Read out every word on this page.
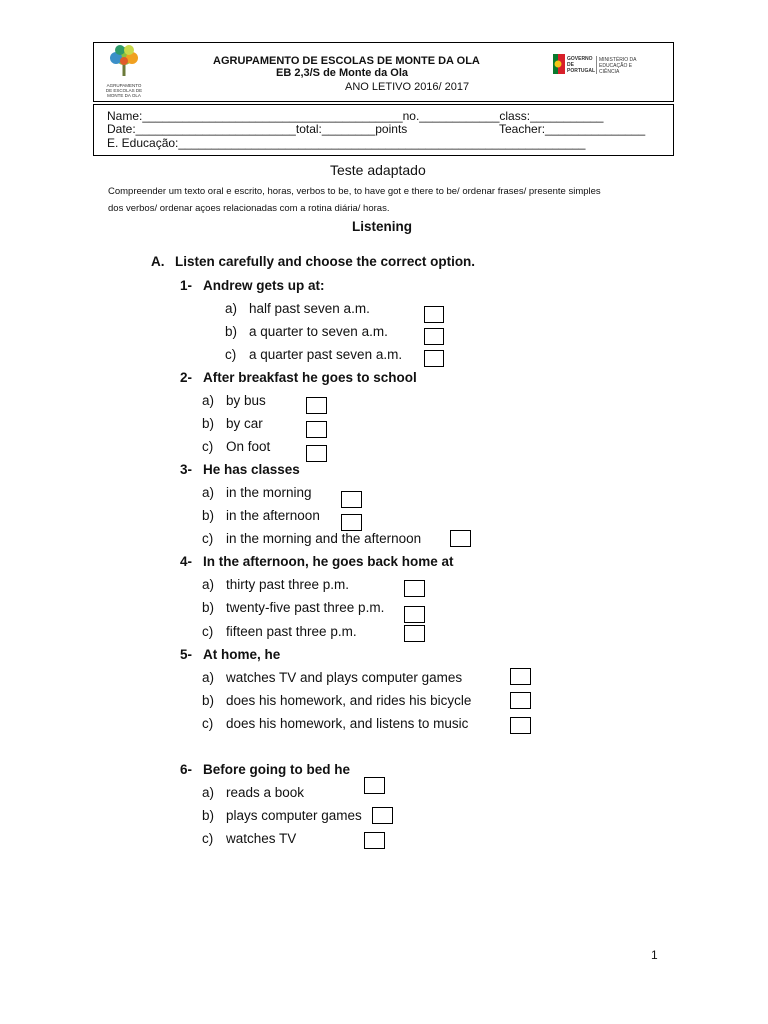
AGRUPAMENTO DE ESCOLAS DE MONTE DA OLA
AGRUPAMENTO DE ESCOLAS DE MONTE DA OLA
EB 2,3/S de Monte da Ola
ANO LETIVO 2016/ 2017
GOVERNO DE PORTUGAL
MINISTÉRIO DA EDUCAÇÃO E CIÊNCIA
Name:_______________________________________no.____________class:___________
Date:________________________total:________points	Teacher:_______________
E. Educação:_____________________________________________________________
Teste adaptado
Compreender um texto oral e escrito, horas, verbos to be, to have got e there to be/ ordenar frases/ presente simples
dos verbos/ ordenar açoes relacionadas com a rotina diária/ horas.
Listening
A. Listen carefully and choose the correct option.
1- Andrew gets up at:
a) half past seven a.m.
b) a quarter to seven a.m.
c) a quarter past seven a.m.
2- After breakfast he goes to school
a) by bus
b) by car
c) On foot
3- He has classes
a) in the morning
b) in the afternoon
c) in the morning and the afternoon
4- In the afternoon, he goes back home at
a) thirty past three p.m.
b) twenty-five past three p.m.
c) fifteen past three p.m.
5- At home, he
a) watches TV and plays computer games
b) does his homework, and rides his bicycle
c) does his homework, and listens to music
6- Before going to bed he
a) reads a book
b) plays computer games
c) watches TV
1
